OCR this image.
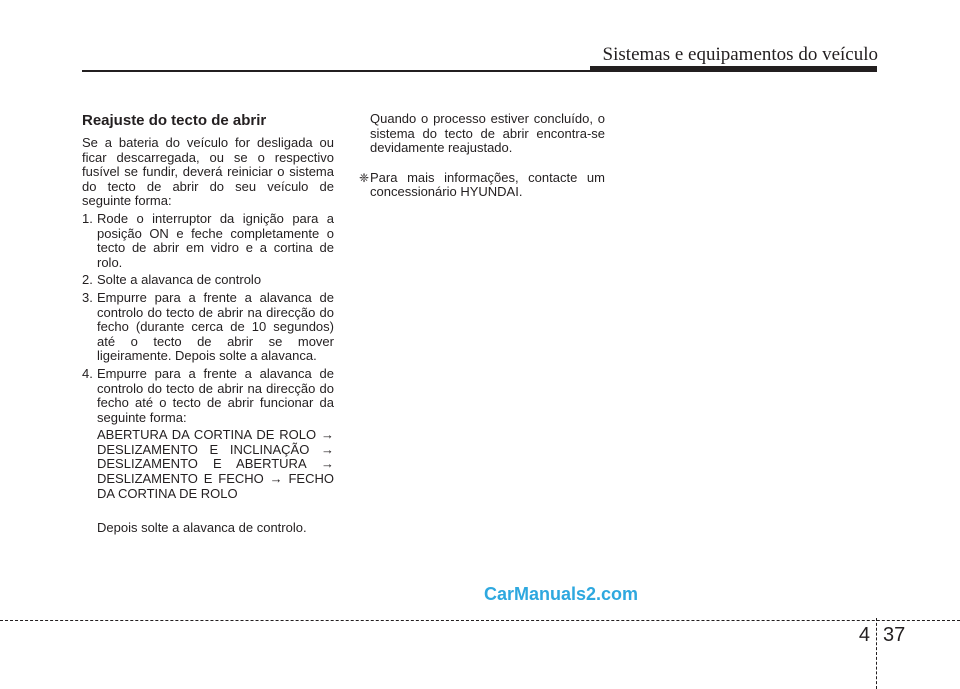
Sistemas e equipamentos do veículo
Reajuste do tecto de abrir
Se a bateria do veículo for desligada ou ficar descarregada, ou se o respectivo fusível se fundir, deverá reiniciar o sistema do tecto de abrir do seu veículo de seguinte forma:
1. Rode o interruptor da ignição para a posição ON e feche completamente o tecto de abrir em vidro e a cortina de rolo.
2. Solte a alavanca de controlo
3. Empurre para a frente a alavanca de controlo do tecto de abrir na direcção do fecho (durante cerca de 10 segundos) até o tecto de abrir se mover ligeiramente. Depois solte a alavanca.
4. Empurre para a frente a alavanca de controlo do tecto de abrir na direcção do fecho até o tecto de abrir funcionar da seguinte forma:
ABERTURA DA CORTINA DE ROLO → DESLIZAMENTO E INCLINAÇÃO → DESLIZAMENTO E ABERTURA → DESLIZAMENTO E FECHO → FECHO DA CORTINA DE ROLO
Depois solte a alavanca de controlo.
Quando o processo estiver concluído, o sistema do tecto de abrir encontra-se devidamente reajustado.
❈ Para mais informações, contacte um concessionário HYUNDAI.
CarManuals2.com
4 37
